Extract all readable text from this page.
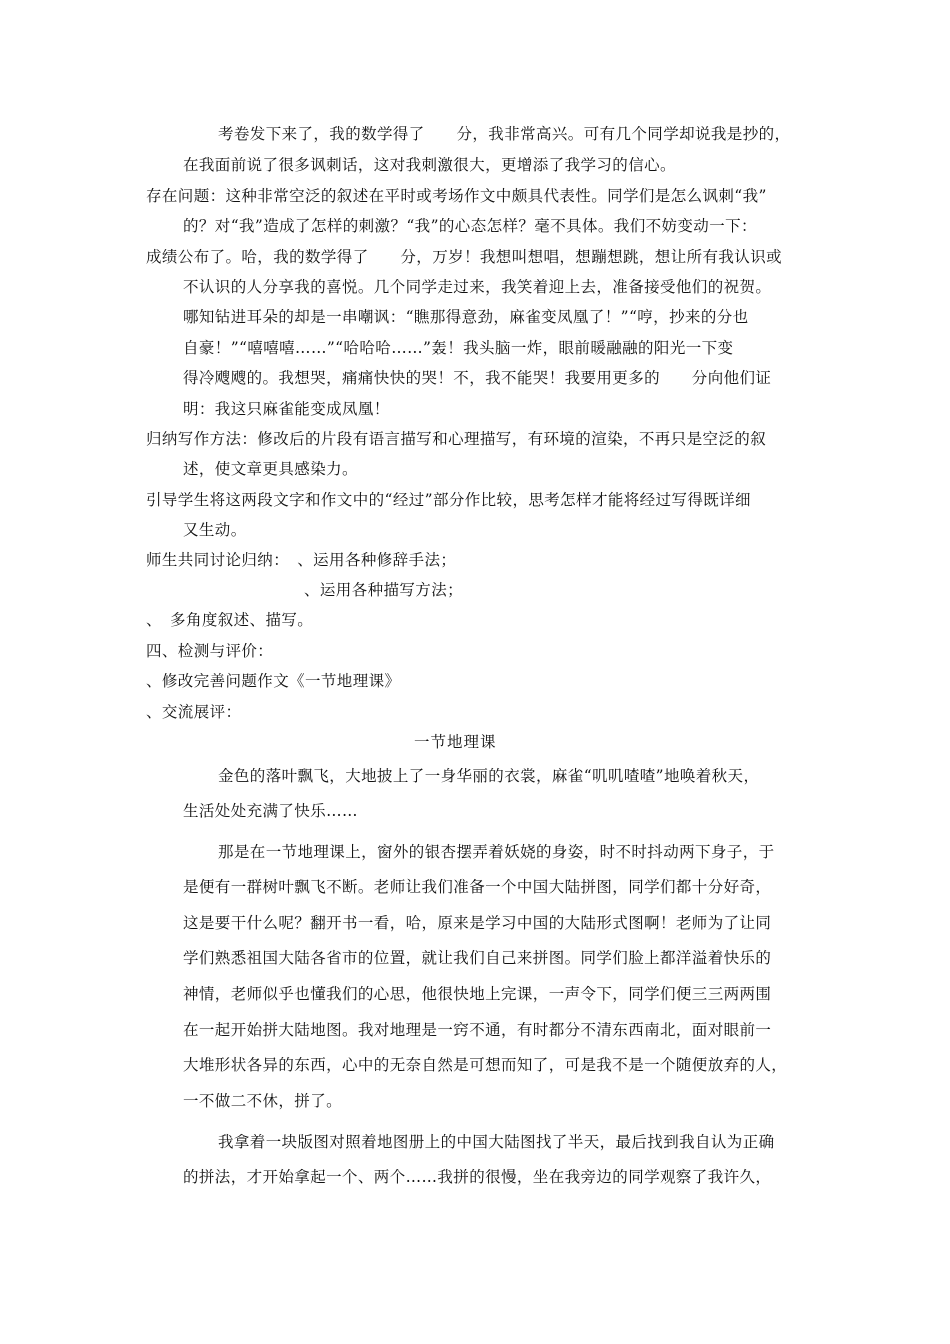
考卷发下来了，我的数学得了　　分，我非常高兴。可有几个同学却说我是抄的，
在我面前说了很多讽刺话，这对我刺激很大，更增添了我学习的信心。
存在问题：这种非常空泛的叙述在平时或考场作文中颇具代表性。同学们是怎么讽刺“我”
的？对“我”造成了怎样的刺激？“我”的心态怎样？毫不具体。我们不妨变动一下：
成绩公布了。哈，我的数学得了　　分，万岁！我想叫想唱，想蹦想跳，想让所有我认识或
不认识的人分享我的喜悦。几个同学走过来，我笑着迎上去，准备接受他们的祝贺。
哪知钻进耳朵的却是一串嘲讽：“瞧那得意劲，麻雀变凤凰了！”“哼，抄来的分也
自豪！”“嘻嘻嘻……”“哈哈哈……”轰！我头脑一炸，眼前暖融融的阳光一下变
得冷飕飕的。我想哭，痛痛快快的哭！不，我不能哭！我要用更多的　　分向他们证
明：我这只麻雀能变成凤凰！
归纳写作方法：修改后的片段有语言描写和心理描写，有环境的渲染，不再只是空泛的叙
述，使文章更具感染力。
引导学生将这两段文字和作文中的“经过”部分作比较，思考怎样才能将经过写得既详细
又生动。
师生共同讨论归纳：　、运用各种修辞手法；
、运用各种描写方法；
、　多角度叙述、描写。
四、检测与评价：
、修改完善问题作文《一节地理课》
、交流展评：
一节地理课
金色的落叶飘飞，大地披上了一身华丽的衣裳，麻雀“叽叽喳喳”地唤着秋天，
生活处处充满了快乐……
那是在一节地理课上，窗外的银杏摆弄着妖娆的身姿，时不时抖动两下身子，于
是便有一群树叶飘飞不断。老师让我们准备一个中国大陆拼图，同学们都十分好奇，
这是要干什么呢？翻开书一看，哈，原来是学习中国的大陆形式图啊！老师为了让同
学们熟悉祖国大陆各省市的位置，就让我们自己来拼图。同学们脸上都洋溢着快乐的
神情，老师似乎也懂我们的心思，他很快地上完课，一声令下，同学们便三三两两围
在一起开始拼大陆地图。我对地理是一窍不通，有时都分不清东西南北，面对眼前一
大堆形状各异的东西，心中的无奈自然是可想而知了，可是我不是一个随便放弃的人，
一不做二不休，拼了。
我拿着一块版图对照着地图册上的中国大陆图找了半天，最后找到我自认为正确
的拼法，才开始拿起一个、两个……我拼的很慢，坐在我旁边的同学观察了我许久，
